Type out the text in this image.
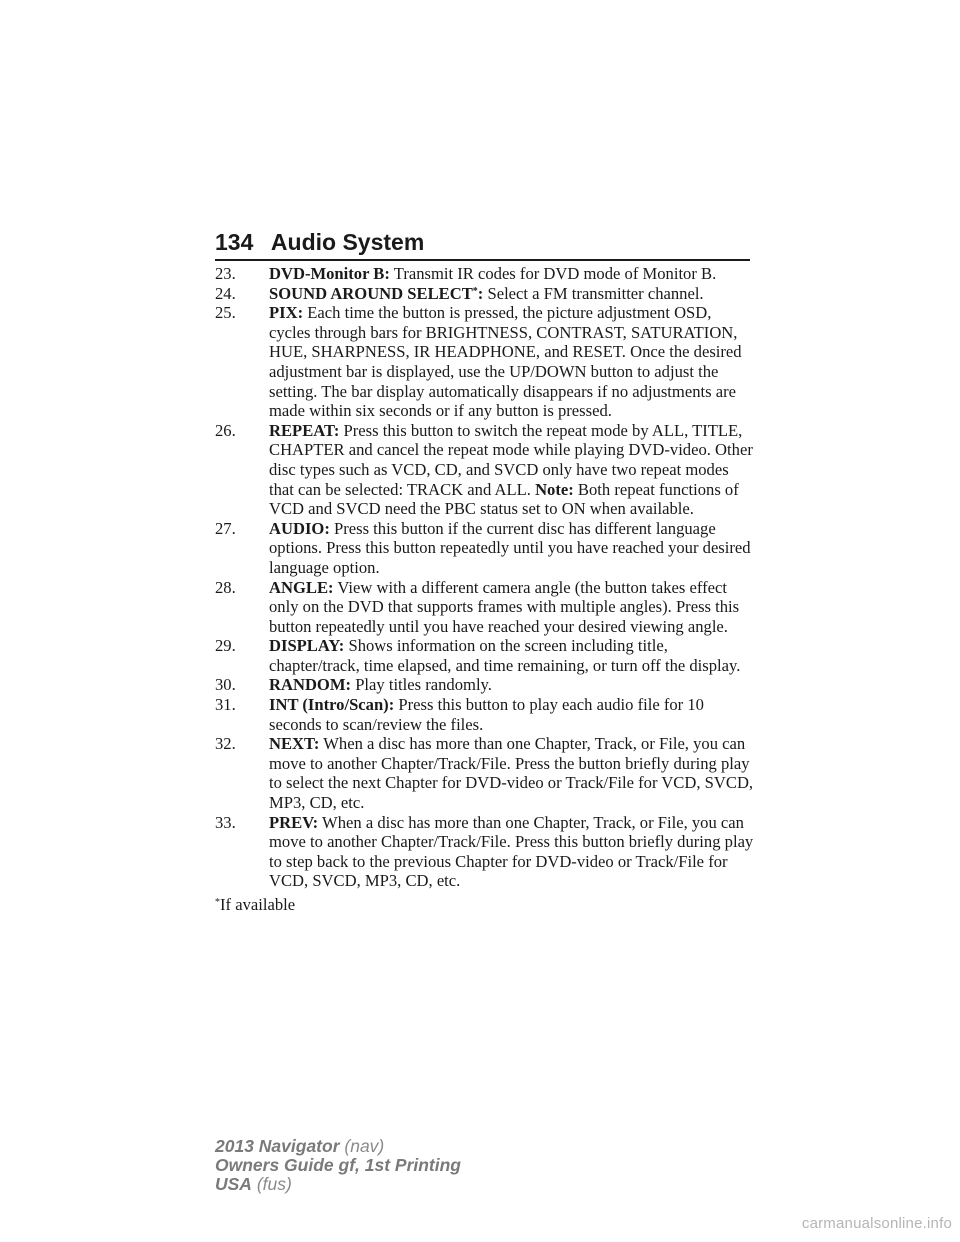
134 Audio System
23. DVD-Monitor B: Transmit IR codes for DVD mode of Monitor B.
24. SOUND AROUND SELECT*: Select a FM transmitter channel.
25. PIX: Each time the button is pressed, the picture adjustment OSD, cycles through bars for BRIGHTNESS, CONTRAST, SATURATION, HUE, SHARPNESS, IR HEADPHONE, and RESET. Once the desired adjustment bar is displayed, use the UP/DOWN button to adjust the setting. The bar display automatically disappears if no adjustments are made within six seconds or if any button is pressed.
26. REPEAT: Press this button to switch the repeat mode by ALL, TITLE, CHAPTER and cancel the repeat mode while playing DVD-video. Other disc types such as VCD, CD, and SVCD only have two repeat modes that can be selected: TRACK and ALL. Note: Both repeat functions of VCD and SVCD need the PBC status set to ON when available.
27. AUDIO: Press this button if the current disc has different language options. Press this button repeatedly until you have reached your desired language option.
28. ANGLE: View with a different camera angle (the button takes effect only on the DVD that supports frames with multiple angles). Press this button repeatedly until you have reached your desired viewing angle.
29. DISPLAY: Shows information on the screen including title, chapter/track, time elapsed, and time remaining, or turn off the display.
30. RANDOM: Play titles randomly.
31. INT (Intro/Scan): Press this button to play each audio file for 10 seconds to scan/review the files.
32. NEXT: When a disc has more than one Chapter, Track, or File, you can move to another Chapter/Track/File. Press the button briefly during play to select the next Chapter for DVD-video or Track/File for VCD, SVCD, MP3, CD, etc.
33. PREV: When a disc has more than one Chapter, Track, or File, you can move to another Chapter/Track/File. Press this button briefly during play to step back to the previous Chapter for DVD-video or Track/File for VCD, SVCD, MP3, CD, etc.
*If available
2013 Navigator (nav)
Owners Guide gf, 1st Printing
USA (fus)
carmanualsonline.info
